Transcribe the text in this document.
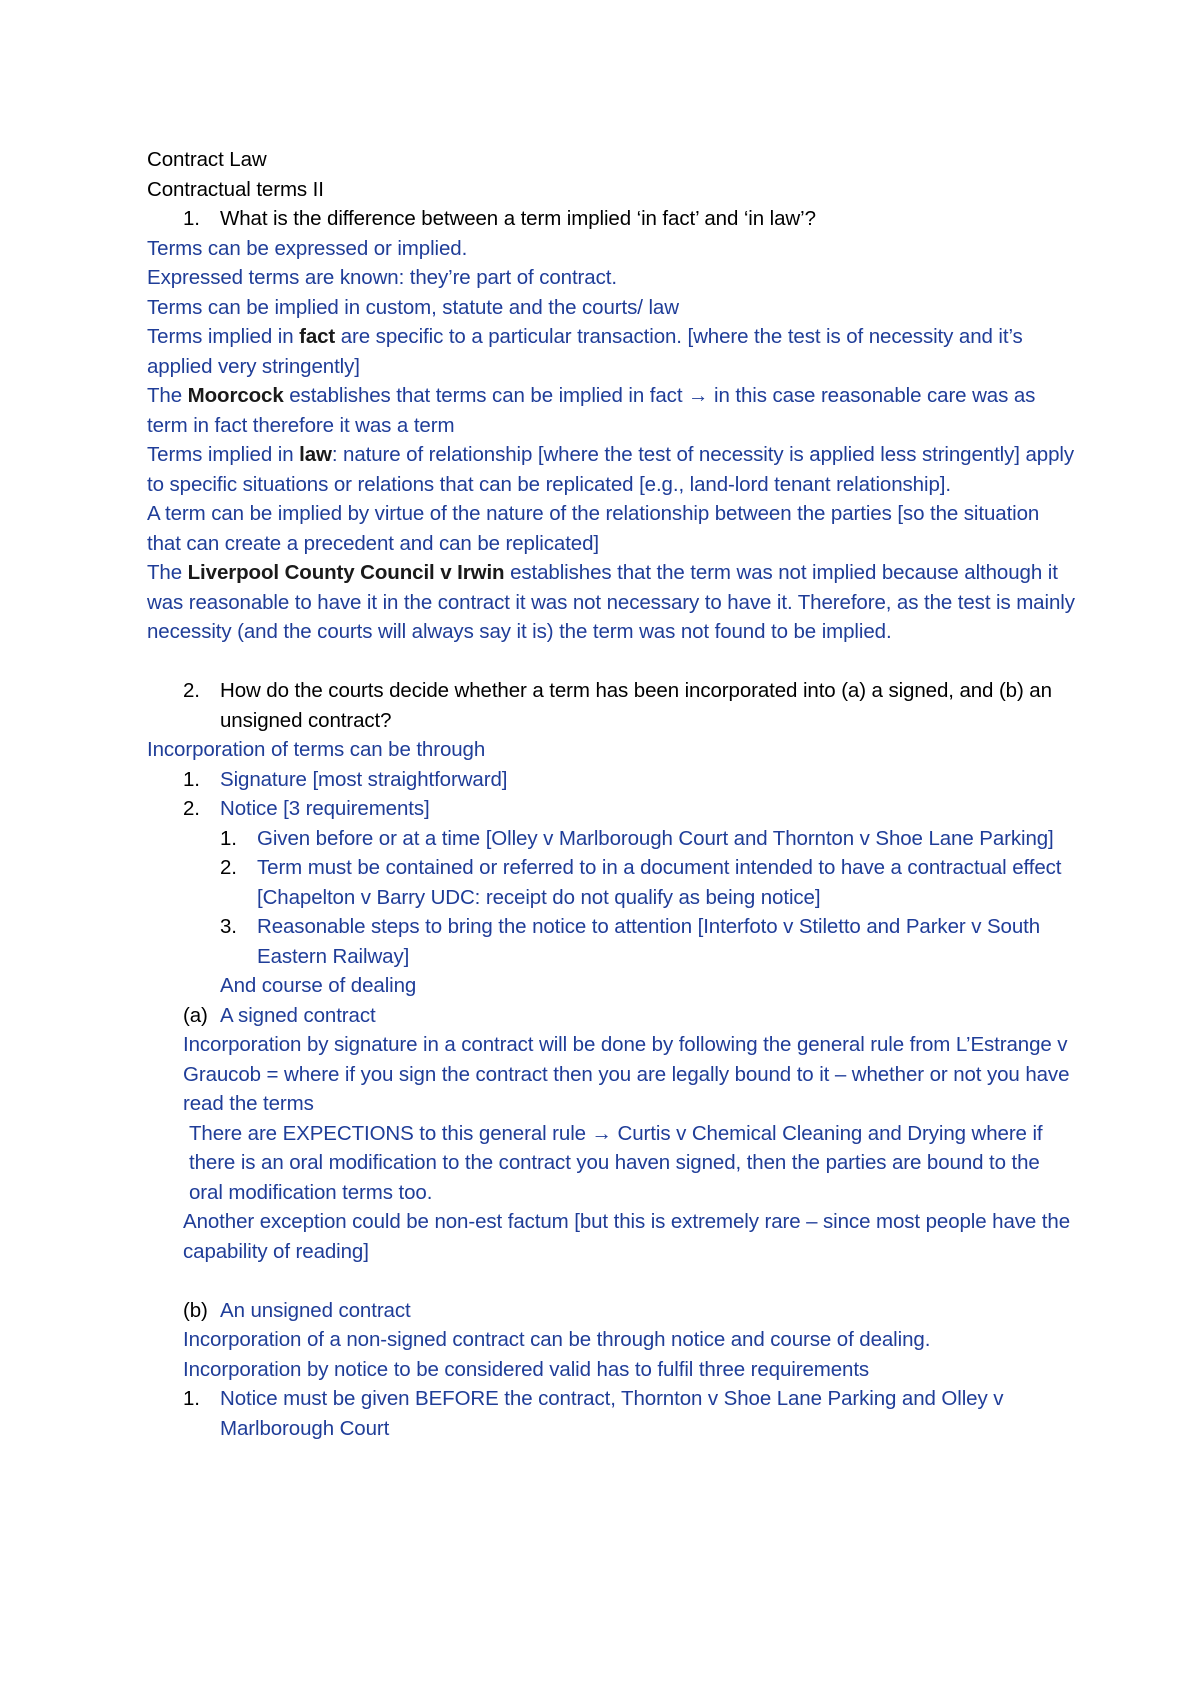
Contract Law

Contractual terms II

1. What is the difference between a term implied ‘in fact’ and ‘in law’?

Terms can be expressed or implied.

Expressed terms are known: they’re part of contract.

Terms can be implied in custom, statute and the courts/ law

Terms implied in fact are specific to a particular transaction. [where the test is of necessity and it’s applied very stringently]

The Moorcock establishes that terms can be implied in fact → in this case reasonable care was as term in fact therefore it was a term

Terms implied in law: nature of relationship [where the test of necessity is applied less stringently] apply to specific situations or relations that can be replicated [e.g., land-lord tenant relationship].

A term can be implied by virtue of the nature of the relationship between the parties [so the situation that can create a precedent and can be replicated]

The Liverpool County Council v Irwin establishes that the term was not implied because although it was reasonable to have it in the contract it was not necessary to have it. Therefore, as the test is mainly necessity (and the courts will always say it is) the term was not found to be implied.

2. How do the courts decide whether a term has been incorporated into (a) a signed, and (b) an unsigned contract?

Incorporation of terms can be through

1. Signature [most straightforward]
2. Notice [3 requirements]
1. Given before or at a time [Olley v Marlborough Court and Thornton v Shoe Lane Parking]
2. Term must be contained or referred to in a document intended to have a contractual effect [Chapelton v Barry UDC: receipt do not qualify as being notice]
3. Reasonable steps to bring the notice to attention [Interfoto v Stiletto and Parker v South Eastern Railway]

And course of dealing

(a) A signed contract

Incorporation by signature in a contract will be done by following the general rule from L’Estrange v Graucob = where if you sign the contract then you are legally bound to it – whether or not you have read the terms

There are EXPECTIONS to this general rule → Curtis v Chemical Cleaning and Drying where if there is an oral modification to the contract you haven signed, then the parties are bound to the oral modification terms too.

Another exception could be non-est factum [but this is extremely rare – since most people have the capability of reading]

(b) An unsigned contract

Incorporation of a non-signed contract can be through notice and course of dealing.

Incorporation by notice to be considered valid has to fulfil three requirements

1. Notice must be given BEFORE the contract, Thornton v Shoe Lane Parking and Olley v Marlborough Court
